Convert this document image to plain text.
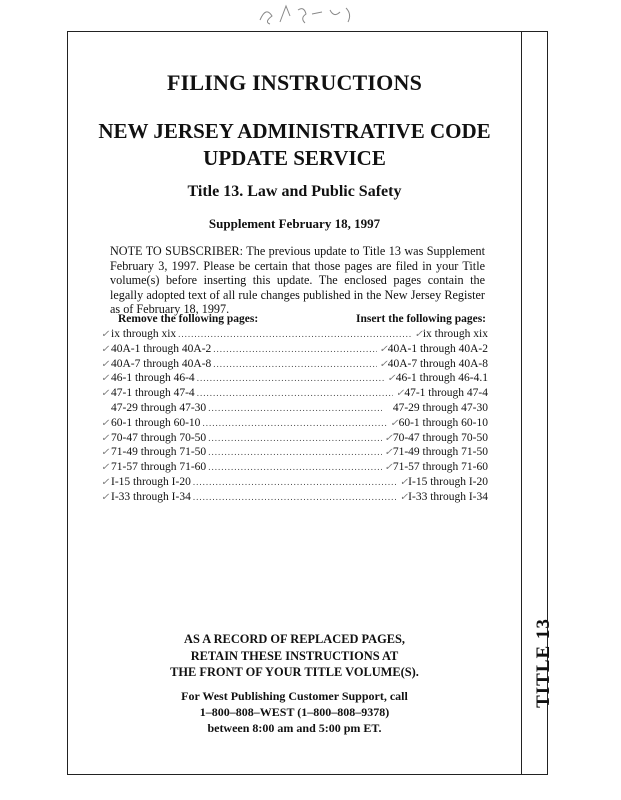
TITLE 13
FILING INSTRUCTIONS
NEW JERSEY ADMINISTRATIVE CODE
UPDATE SERVICE
Title 13. Law and Public Safety
Supplement February 18, 1997
NOTE TO SUBSCRIBER: The previous update to Title 13 was Supplement February 3, 1997. Please be certain that those pages are filed in your Title volume(s) before inserting this update. The enclosed pages contain the legally adopted text of all rule changes published in the New Jersey Register as of February 18, 1997.
Remove the following pages:	Insert the following pages:
✓ ix through xix .....	✓ ix through xix
✓ 40A-1 through 40A-2 .....	✓ 40A-1 through 40A-2
✓ 40A-7 through 40A-8 .....	✓ 40A-7 through 40A-8
✓ 46-1 through 46-4 .....	✓ 46-1 through 46-4.1
✓ 47-1 through 47-4 .....	✓ 47-1 through 47-4
47-29 through 47-30 .....	47-29 through 47-30
✓ 60-1 through 60-10 .....	✓ 60-1 through 60-10
✓ 70-47 through 70-50 .....	✓ 70-47 through 70-50
✓ 71-49 through 71-50 .....	✓ 71-49 through 71-50
✓ 71-57 through 71-60 .....	✓ 71-57 through 71-60
✓ I-15 through I-20 .....	✓ I-15 through I-20
✓ I-33 through I-34 .....	✓ I-33 through I-34
AS A RECORD OF REPLACED PAGES,
RETAIN THESE INSTRUCTIONS AT
THE FRONT OF YOUR TITLE VOLUME(S).
For West Publishing Customer Support, call
1–800–808–WEST (1–800–808–9378)
between 8:00 am and 5:00 pm ET.
